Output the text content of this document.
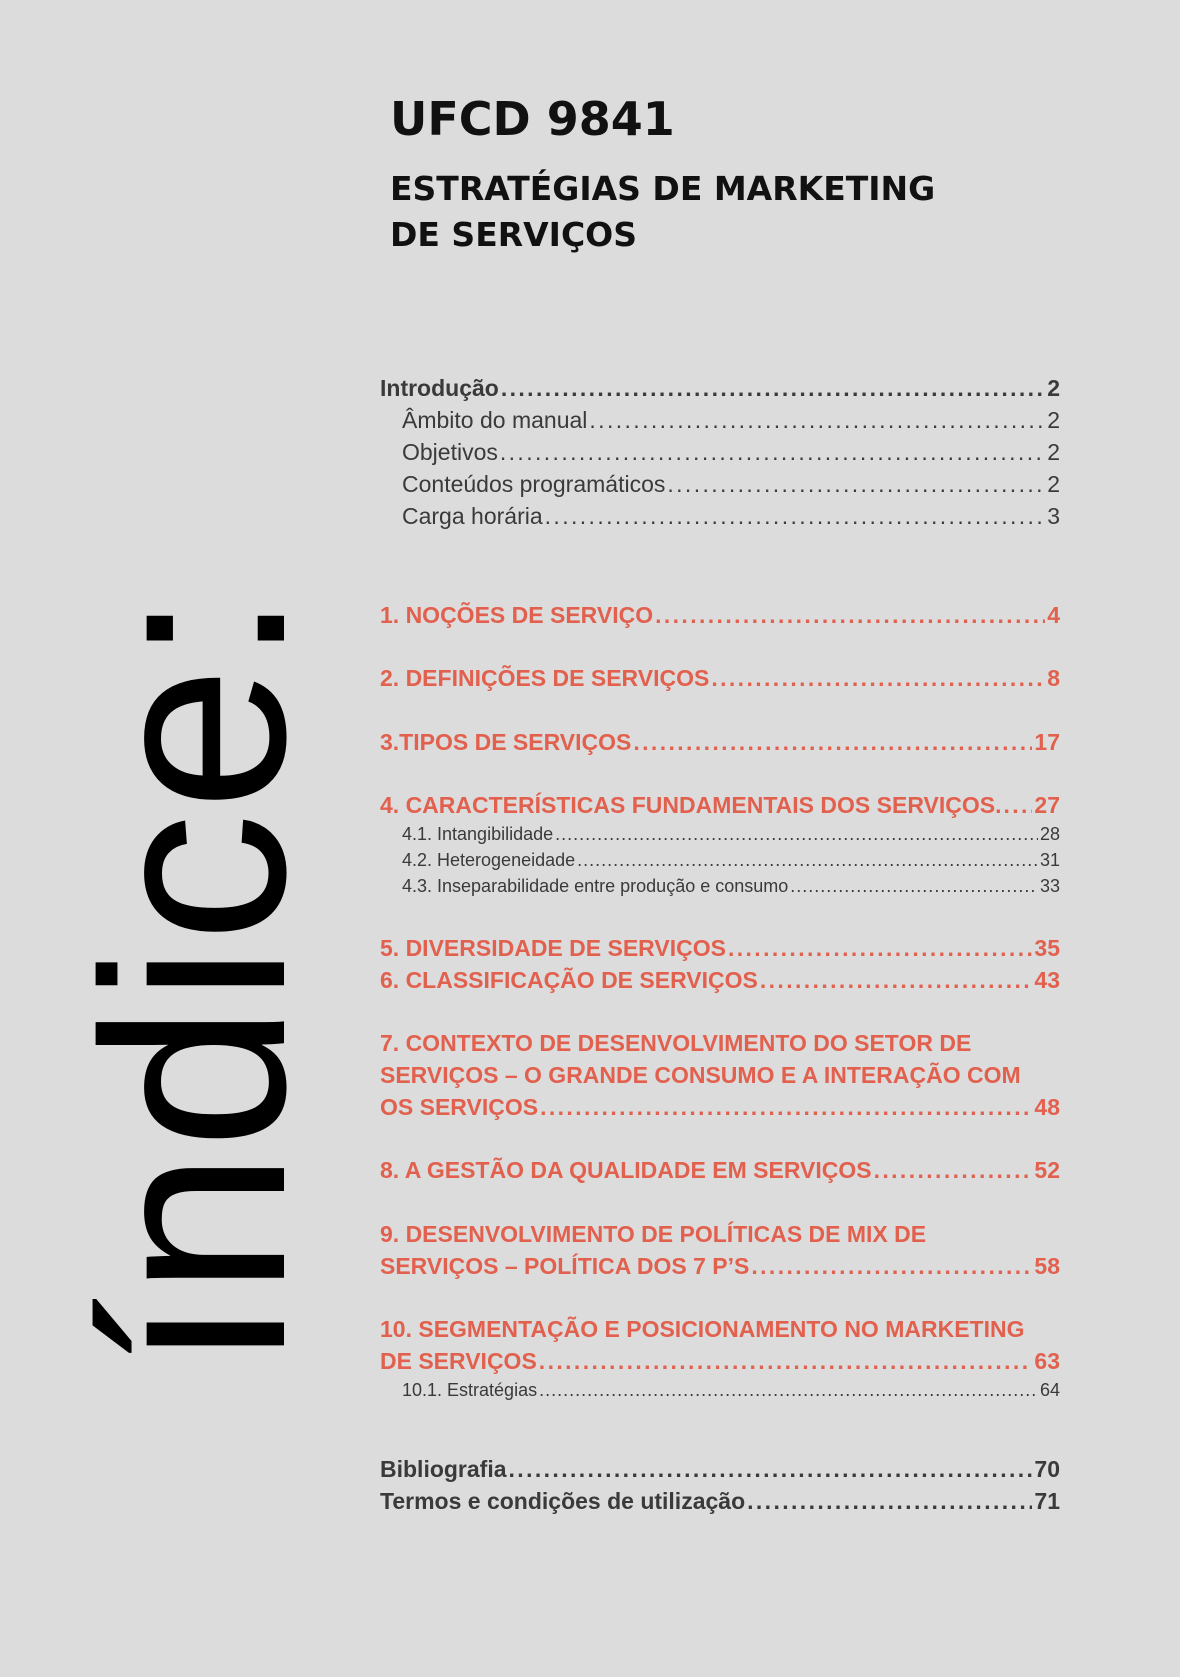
índice:
UFCD 9841
ESTRATÉGIAS DE MARKETING DE SERVIÇOS
Introdução . . .	2
Âmbito do manual . . .	2
Objetivos . . .	2
Conteúdos programáticos . . .	2
Carga horária . . .	3
1. NOÇÕES DE SERVIÇO . . .	4
2. DEFINIÇÕES DE SERVIÇOS . . .	8
3.TIPOS DE SERVIÇOS . . .	17
4. CARACTERÍSTICAS FUNDAMENTAIS DOS SERVIÇOS. . . . 27
4.1. Intangibilidade . . .	28
4.2. Heterogeneidade . . .	31
4.3. Inseparabilidade entre produção e consumo . . .	33
5. DIVERSIDADE DE SERVIÇOS . . .	35
6. CLASSIFICAÇÃO DE SERVIÇOS . . .	43
7. CONTEXTO DE DESENVOLVIMENTO DO SETOR DE
SERVIÇOS – O GRANDE CONSUMO E A INTERAÇÃO COM
OS SERVIÇOS . . .	48
8. A GESTÃO DA QUALIDADE EM SERVIÇOS . . .	52
9. DESENVOLVIMENTO DE POLÍTICAS DE MIX DE
SERVIÇOS – POLÍTICA DOS 7 P’S . . .	58
10. SEGMENTAÇÃO E POSICIONAMENTO NO MARKETING
DE SERVIÇOS . . .	63
10.1. Estratégias . . .	64
Bibliografia . . .	70
Termos e condições de utilização . . .	71
